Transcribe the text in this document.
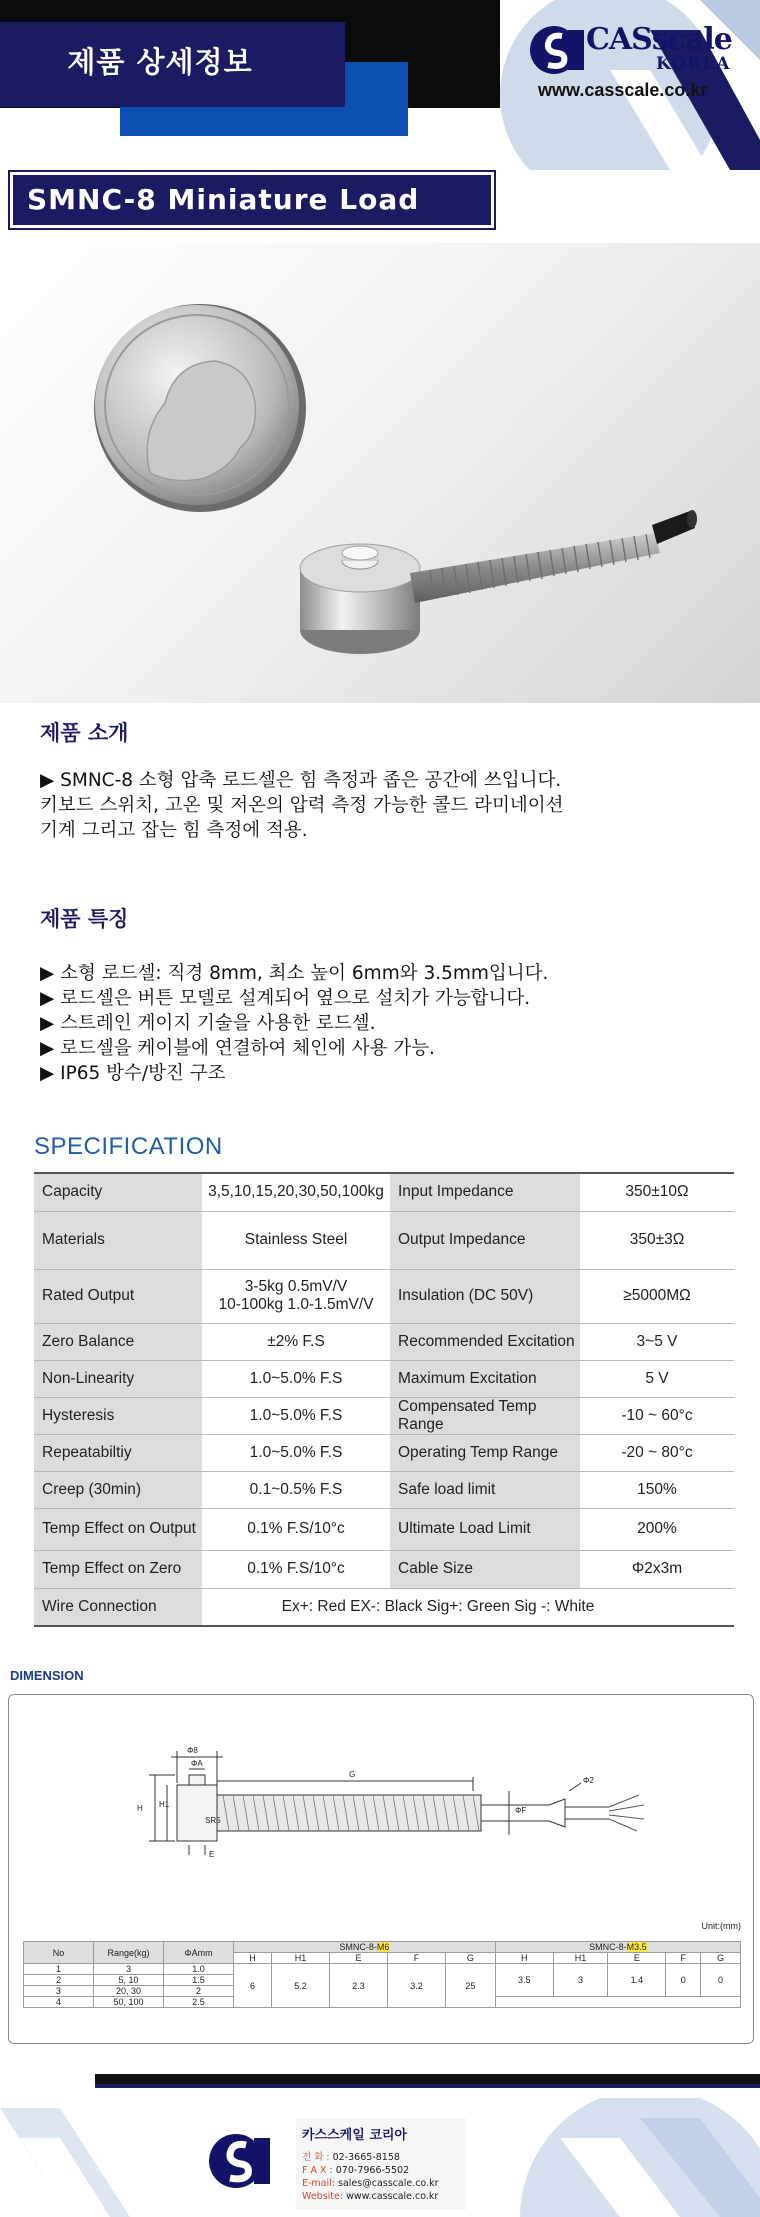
제품 상세정보
CASscale
KOREA
www.casscale.co.kr
SMNC-8 Miniature Load Cell
제품 소개
▶ SMNC-8 소형 압축 로드셀은 힘 측정과 좁은 공간에 쓰입니다.
키보드 스위치, 고온 및 저온의 압력 측정 가능한 콜드 라미네이션
기계 그리고 잡는 힘 측정에 적용.
제품 특징
▶ 소형 로드셀: 직경 8mm, 최소 높이 6mm와 3.5mm입니다.
▶ 로드셀은 버튼 모델로 설계되어 옆으로 설치가 가능합니다.
▶ 스트레인 게이지 기술을 사용한 로드셀.
▶ 로드셀을 케이블에 연결하여 체인에 사용 가능.
▶ IP65 방수/방진 구조
SPECIFICATION
Capacity	3,5,10,15,20,30,50,100kg	Input Impedance	350±10Ω
Materials	Stainless Steel	Output Impedance	350±3Ω
Rated Output	3-5kg 0.5mV/V
10-100kg 1.0-1.5mV/V	Insulation (DC 50V)	≥5000MΩ
Zero Balance	±2% F.S	Recommended Excitation	3~5 V
Non-Linearity	1.0~5.0% F.S	Maximum Excitation	5 V
Hysteresis	1.0~5.0% F.S	Compensated Temp Range	-10 ~ 60°c
Repeatabiltiy	1.0~5.0% F.S	Operating Temp Range	-20 ~ 80°c
Creep (30min)	0.1~0.5% F.S	Safe load limit	150%
Temp Effect on Output	0.1% F.S/10°c	Ultimate Load Limit	200%
Temp Effect on Zero	0.1% F.S/10°c	Cable Size	Φ2x3m
Wire Connection	Ex+: Red EX-: Black Sig+: Green Sig -: White		
DIMENSION
Φ8
ΦA
G
ΦF
Φ2
H H1
E
SR5
Unit:(mm)
No	Range(kg)	ΦAmm	SMNC-8-M6					SMNC-8-M3.5				
			H	H1	E	F	G	H	H1	E	F	G
1	3	1.0	6	5.2	2.3	3.2	25	3.5	3	1.4	0	0
2	5, 10	1.5										
3	20, 30	2										
4	50, 100	2.5										
카스스케일 코리아
전 화 : 02-3665-8158
F A X : 070-7966-5502
E-mail: sales@casscale.co.kr
Website: www.casscale.co.kr
